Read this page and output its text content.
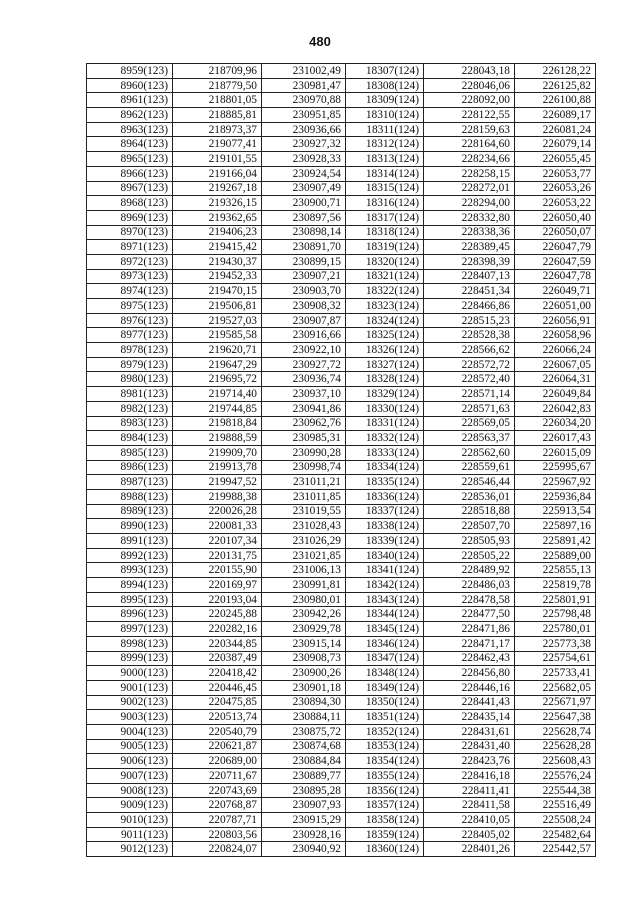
480
8959(123)	218709,96	231002,49	18307(124)	228043,18	226128,22
8960(123)	218779,50	230981,47	18308(124)	228046,06	226125,82
8961(123)	218801,05	230970,88	18309(124)	228092,00	226100,88
8962(123)	218885,81	230951,85	18310(124)	228122,55	226089,17
8963(123)	218973,37	230936,66	18311(124)	228159,63	226081,24
8964(123)	219077,41	230927,32	18312(124)	228164,60	226079,14
8965(123)	219101,55	230928,33	18313(124)	228234,66	226055,45
8966(123)	219166,04	230924,54	18314(124)	228258,15	226053,77
8967(123)	219267,18	230907,49	18315(124)	228272,01	226053,26
8968(123)	219326,15	230900,71	18316(124)	228294,00	226053,22
8969(123)	219362,65	230897,56	18317(124)	228332,80	226050,40
8970(123)	219406,23	230898,14	18318(124)	228338,36	226050,07
8971(123)	219415,42	230891,70	18319(124)	228389,45	226047,79
8972(123)	219430,37	230899,15	18320(124)	228398,39	226047,59
8973(123)	219452,33	230907,21	18321(124)	228407,13	226047,78
8974(123)	219470,15	230903,70	18322(124)	228451,34	226049,71
8975(123)	219506,81	230908,32	18323(124)	228466,86	226051,00
8976(123)	219527,03	230907,87	18324(124)	228515,23	226056,91
8977(123)	219585,58	230916,66	18325(124)	228528,38	226058,96
8978(123)	219620,71	230922,10	18326(124)	228566,62	226066,24
8979(123)	219647,29	230927,72	18327(124)	228572,72	226067,05
8980(123)	219695,72	230936,74	18328(124)	228572,40	226064,31
8981(123)	219714,40	230937,10	18329(124)	228571,14	226049,84
8982(123)	219744,85	230941,86	18330(124)	228571,63	226042,83
8983(123)	219818,84	230962,76	18331(124)	228569,05	226034,20
8984(123)	219888,59	230985,31	18332(124)	228563,37	226017,43
8985(123)	219909,70	230990,28	18333(124)	228562,60	226015,09
8986(123)	219913,78	230998,74	18334(124)	228559,61	225995,67
8987(123)	219947,52	231011,21	18335(124)	228546,44	225967,92
8988(123)	219988,38	231011,85	18336(124)	228536,01	225936,84
8989(123)	220026,28	231019,55	18337(124)	228518,88	225913,54
8990(123)	220081,33	231028,43	18338(124)	228507,70	225897,16
8991(123)	220107,34	231026,29	18339(124)	228505,93	225891,42
8992(123)	220131,75	231021,85	18340(124)	228505,22	225889,00
8993(123)	220155,90	231006,13	18341(124)	228489,92	225855,13
8994(123)	220169,97	230991,81	18342(124)	228486,03	225819,78
8995(123)	220193,04	230980,01	18343(124)	228478,58	225801,91
8996(123)	220245,88	230942,26	18344(124)	228477,50	225798,48
8997(123)	220282,16	230929,78	18345(124)	228471,86	225780,01
8998(123)	220344,85	230915,14	18346(124)	228471,17	225773,38
8999(123)	220387,49	230908,73	18347(124)	228462,43	225754,61
9000(123)	220418,42	230900,26	18348(124)	228456,80	225733,41
9001(123)	220446,45	230901,18	18349(124)	228446,16	225682,05
9002(123)	220475,85	230894,30	18350(124)	228441,43	225671,97
9003(123)	220513,74	230884,11	18351(124)	228435,14	225647,38
9004(123)	220540,79	230875,72	18352(124)	228431,61	225628,74
9005(123)	220621,87	230874,68	18353(124)	228431,40	225628,28
9006(123)	220689,00	230884,84	18354(124)	228423,76	225608,43
9007(123)	220711,67	230889,77	18355(124)	228416,18	225576,24
9008(123)	220743,69	230895,28	18356(124)	228411,41	225544,38
9009(123)	220768,87	230907,93	18357(124)	228411,58	225516,49
9010(123)	220787,71	230915,29	18358(124)	228410,05	225508,24
9011(123)	220803,56	230928,16	18359(124)	228405,02	225482,64
9012(123)	220824,07	230940,92	18360(124)	228401,26	225442,57
